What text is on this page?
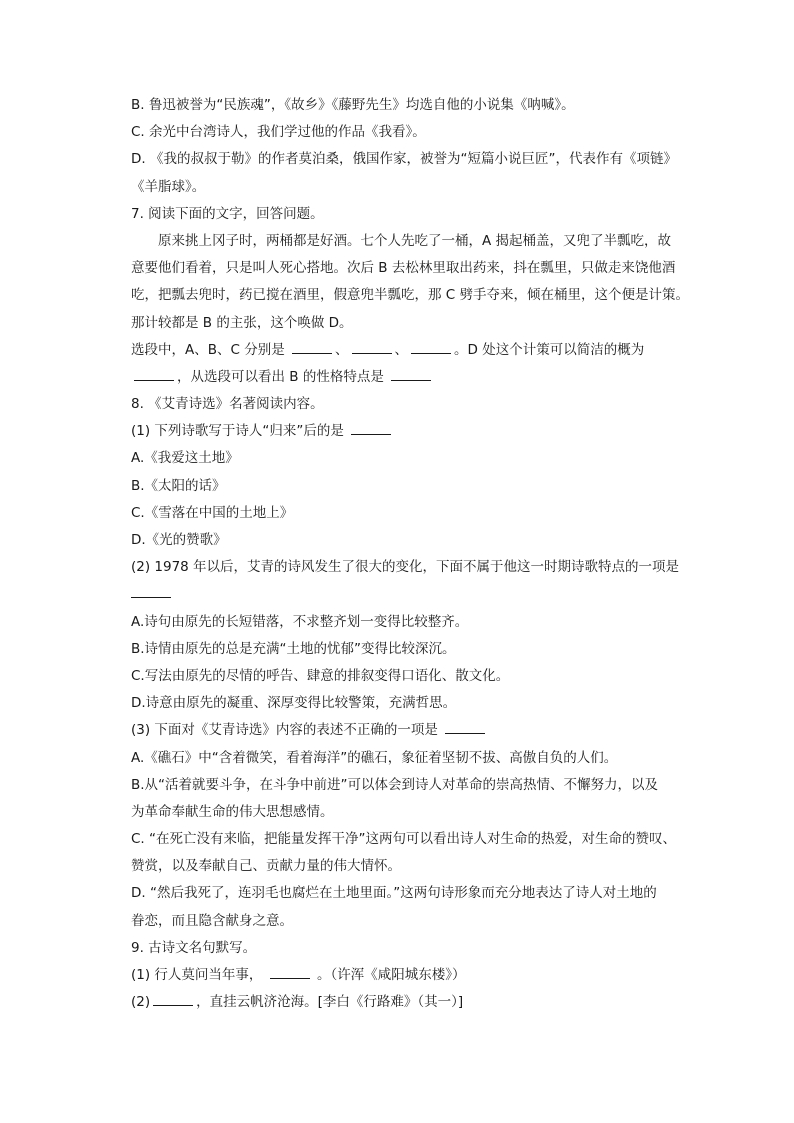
B. 鲁迅被誉为“民族魂”，《故乡》《藤野先生》均选自他的小说集《呐喊》。
C. 余光中台湾诗人，我们学过他的作品《我看》。
D. 《我的叔叔于勒》的作者莫泊桑，俄国作家，被誉为“短篇小说巨匠”，代表作有《项链》
《羊脂球》。
7. 阅读下面的文字，回答问题。
原来挑上冈子时，两桶都是好酒。七个人先吃了一桶，A 揭起桶盖，又兜了半瓢吃，故
意要他们看着，只是叫人死心搭地。次后 B 去松林里取出药来，抖在瓢里，只做走来饶他酒
吃，把瓢去兜时，药已搅在酒里，假意兜半瓢吃，那 C 劈手夺来，倾在桶里，这个便是计策。
那计较都是 B 的主张，这个唤做 D。
选段中，A、B、C 分别是	、	、	。D 处这个计策可以简洁的概为
，从选段可以看出 B 的性格特点是
8. 《艾青诗选》名著阅读内容。
(1) 下列诗歌写于诗人“归来”后的是
A.《我爱这土地》
B.《太阳的话》
C.《雪落在中国的土地上》
D.《光的赞歌》
(2) 1978 年以后，艾青的诗风发生了很大的变化，下面不属于他这一时期诗歌特点的一项是
A.诗句由原先的长短错落，不求整齐划一变得比较整齐。
B.诗情由原先的总是充满“土地的忧郁”变得比较深沉。
C.写法由原先的尽情的呼告、肆意的排叙变得口语化、散文化。
D.诗意由原先的凝重、深厚变得比较警策，充满哲思。
(3) 下面对《艾青诗选》内容的表述不正确的一项是
A.《礁石》中“含着微笑，看着海洋”的礁石，象征着坚韧不拔、高傲自负的人们。
B.从“活着就要斗争，在斗争中前进”可以体会到诗人对革命的崇高热情、不懈努力，以及
为革命奉献生命的伟大思想感情。
C. “在死亡没有来临，把能量发挥干净”这两句可以看出诗人对生命的热爱，对生命的赞叹、
赞赏，以及奉献自己、贡献力量的伟大情怀。
D. “然后我死了，连羽毛也腐烂在土地里面。”这两句诗形象而充分地表达了诗人对土地的
眷恋，而且隐含献身之意。
9. 古诗文名句默写。
(1) 行人莫问当年事，	。（许浑《咸阳城东楼》）
(2)	，直挂云帆济沧海。[李白《行路难》（其一）]
